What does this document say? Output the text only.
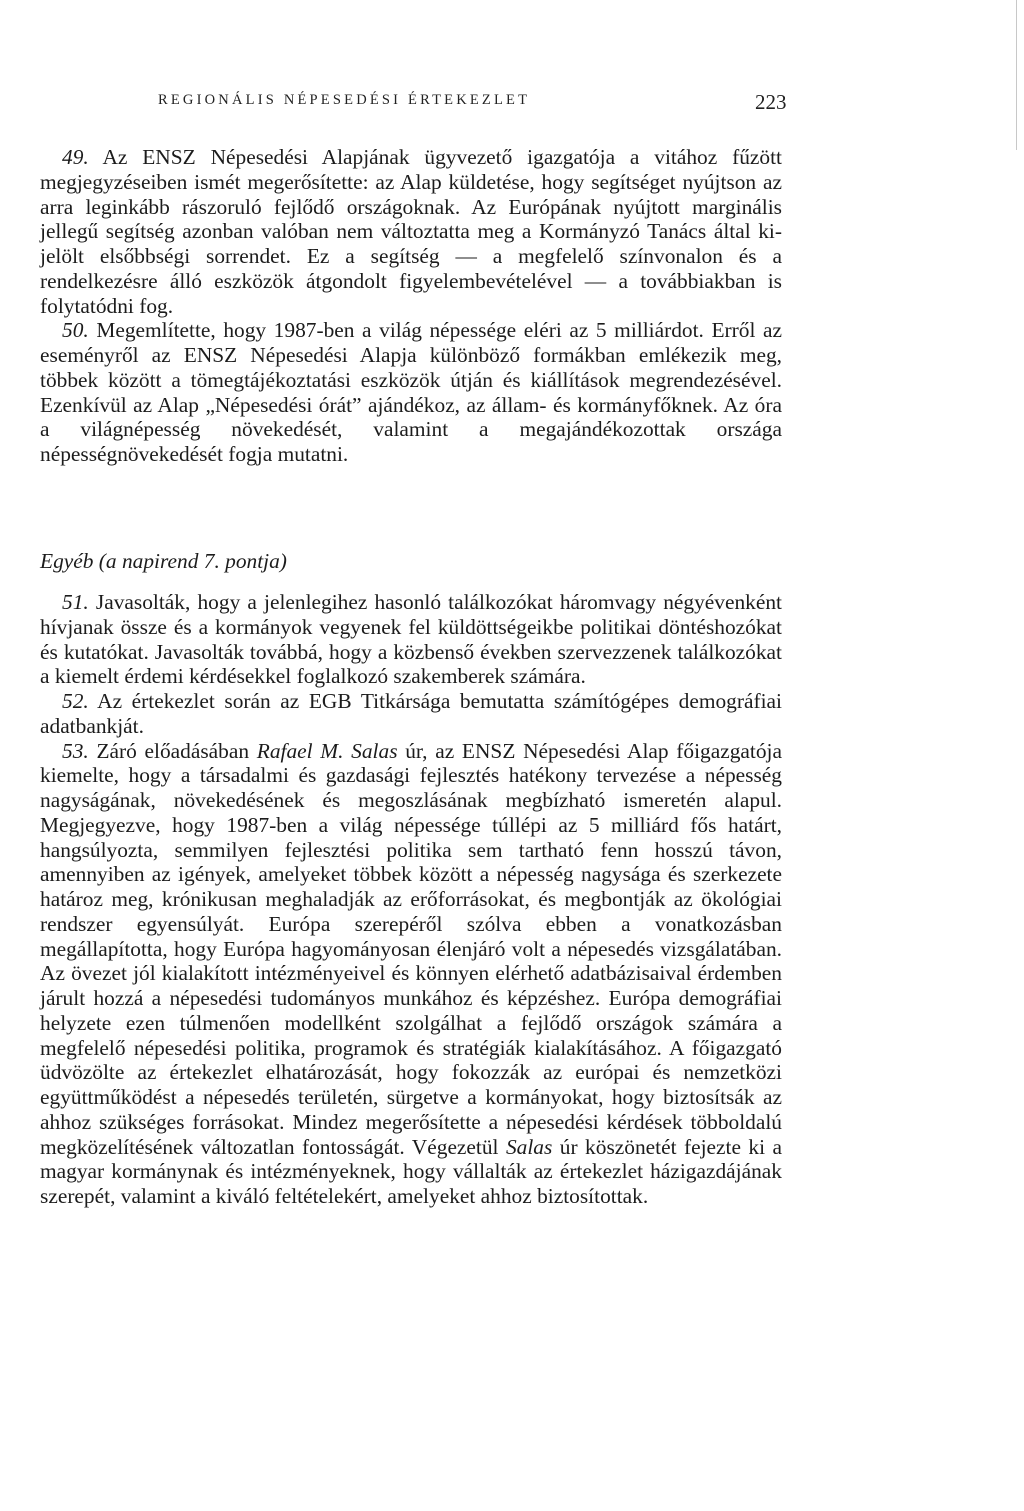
REGIONÁLIS NÉPESEDÉSI ÉRTEKEZLET	223

49. Az ENSZ Népesedési Alapjának ügyvezető igazgatója a vitához fűzött megjegyzéseiben ismét megerősítette: az Alap küldetése, hogy segítséget nyújtson az arra leginkább rászoruló fejlődő országoknak. Az Európának nyújtott marginális jellegű segítség azonban valóban nem változtatta meg a Kormányzó Tanács által kijelölt elsőbbségi sorrendet. Ez a segítség — a megfelelő színvonalon és a rendelkezésre álló eszközök átgondolt figyelembevételével — a továbbiakban is folytatódni fog.

50. Megemlítette, hogy 1987-ben a világ népessége eléri az 5 milliárdot. Erről az eseményről az ENSZ Népesedési Alapja különböző formákban emlékezik meg, többek között a tömegtájékoztatási eszközök útján és kiállítások megrendezésével. Ezenkívül az Alap „Népesedési órát” ajándékoz, az állam- és kormányfőknek. Az óra a világnépesség növekedését, valamint a megajándékozottak országa népességnövekedését fogja mutatni.

Egyéb (a napirend 7. pontja)

51. Javasolták, hogy a jelenlegihez hasonló találkozókat háromvagy négyévenként hívjanak össze és a kormányok vegyenek fel küldöttségeikbe politikai döntéshozókat és kutatókat. Javasolták továbbá, hogy a közbenső években szervezzenek találkozókat a kiemelt érdemi kérdésekkel foglalkozó szakemberek számára.

52. Az értekezlet során az EGB Titkársága bemutatta számítógépes demográfiai adatbankját.

53. Záró előadásában Rafael M. Salas úr, az ENSZ Népesedési Alap főigazgatója kiemelte, hogy a társadalmi és gazdasági fejlesztés hatékony tervezése a népesség nagyságának, növekedésének és megoszlásának megbízható ismeretén alapul. Megjegyezve, hogy 1987-ben a világ népessége túllépi az 5 milliárd fős határt, hangsúlyozta, semmilyen fejlesztési politika sem tartható fenn hosszú távon, amennyiben az igények, amelyeket többek között a népesség nagysága és szerkezete határoz meg, krónikusan meghaladják az erőforrásokat, és megbontják az ökológiai rendszer egyensúlyát. Európa szerepéről szólva ebben a vonatkozásban megállapította, hogy Európa hagyományosan élenjáró volt a népesedés vizsgálatában. Az övezet jól kialakított intézményeivel és könnyen elérhető adatbázisaival érdemben járult hozzá a népesedési tudományos munkához és képzéshez. Európa demográfiai helyzete ezen túlmenően modellként szolgálhat a fejlődő országok számára a megfelelő népesedési politika, programok és stratégiák kialakításához. A főigazgató üdvözölte az értekezlet elhatározását, hogy fokozzák az európai és nemzetközi együttműködést a népesedés területén, sürgetve a kormányokat, hogy biztosítsák az ahhoz szükséges forrásokat. Mindez megerősítette a népesedési kérdések többoldalú megközelítésének változatlan fontosságát. Végezetül Salas úr köszönetét fejezte ki a magyar kormánynak és intézményeknek, hogy vállalták az értekezlet házigazdájának szerepét, valamint a kiváló feltételekért, amelyeket ahhoz biztosítottak.
